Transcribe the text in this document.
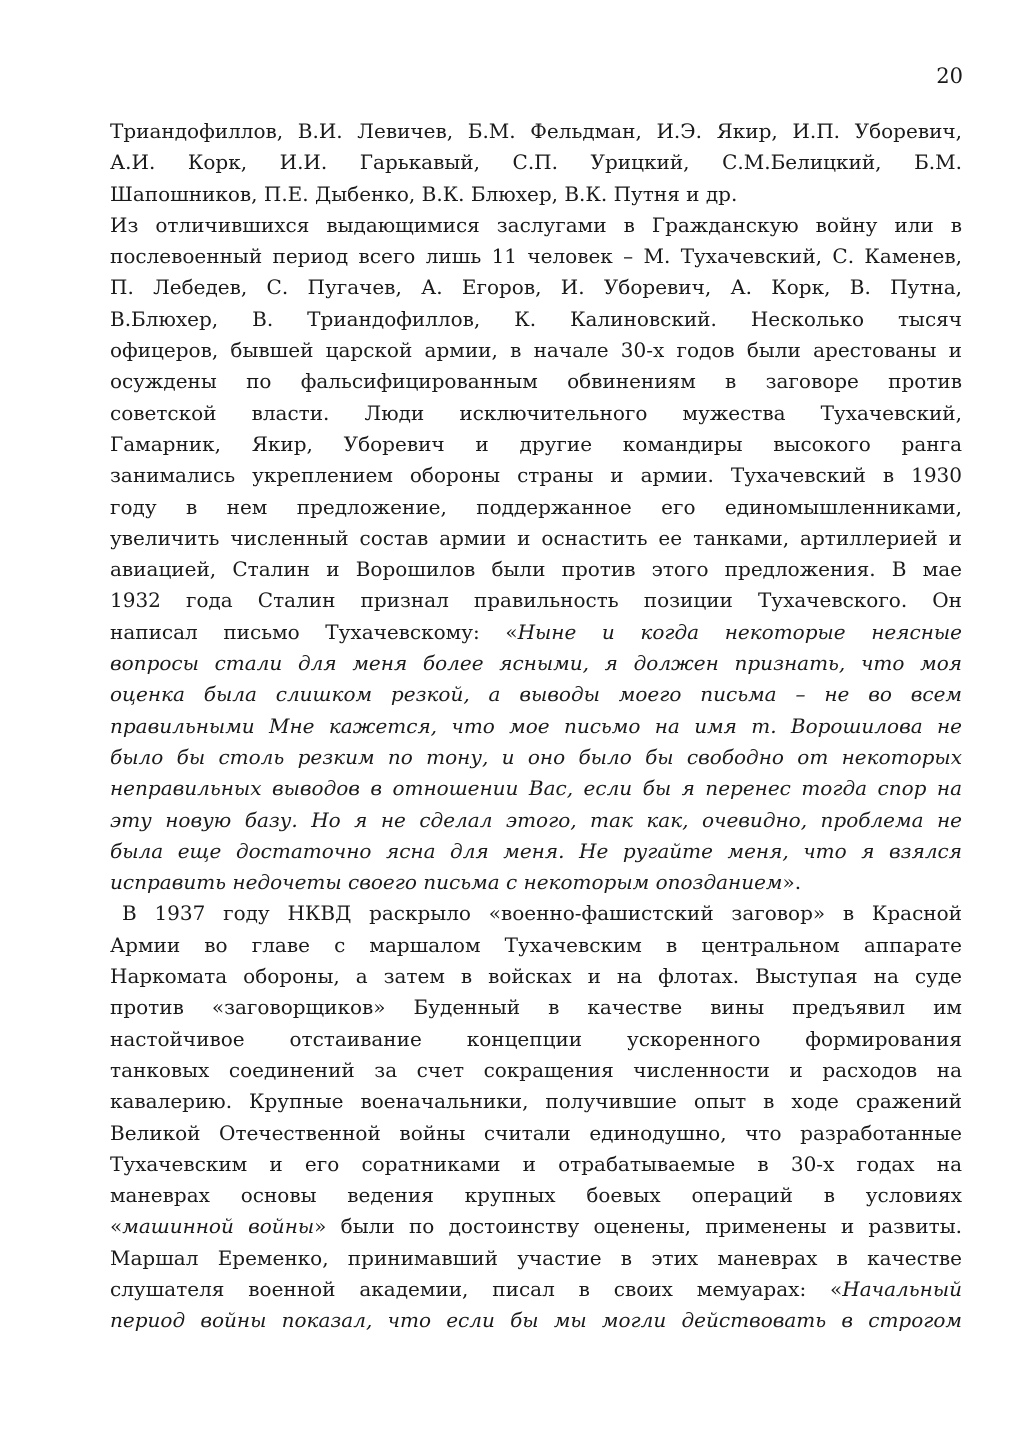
20
Триандофиллов, В.И. Левичев, Б.М. Фельдман, И.Э. Якир, И.П. Уборевич,
А.И. Корк, И.И. Гарькавый, С.П. Урицкий, С.М.Белицкий, Б.М.
Шапошников, П.Е. Дыбенко, В.К. Блюхер, В.К. Путня и др.
Из отличившихся выдающимися заслугами в Гражданскую войну или в
послевоенный период всего лишь 11 человек – М. Тухачевский, С. Каменев,
П. Лебедев, С. Пугачев, А. Егоров, И. Уборевич, А. Корк, В. Путна,
В.Блюхер, В. Триандофиллов, К. Калиновский. Несколько тысяч
офицеров, бывшей царской армии, в начале 30-х годов были арестованы и
осуждены по фальсифицированным обвинениям в заговоре против
советской власти. Люди исключительного мужества Тухачевский,
Гамарник, Якир, Уборевич и другие командиры высокого ранга
занимались укреплением обороны страны и армии. Тухачевский в 1930
году в нем предложение, поддержанное его единомышленниками,
увеличить численный состав армии и оснастить ее танками, артиллерией и
авиацией, Сталин и Ворошилов были против этого предложения. В мае
1932 года Сталин признал правильность позиции Тухачевского. Он
написал письмо Тухачевскому: «Ныне и когда некоторые неясные
вопросы стали для меня более ясными, я должен признать, что моя
оценка была слишком резкой, а выводы моего письма – не во всем
правильными Мне кажется, что мое письмо на имя т. Ворошилова не
было бы столь резким по тону, и оно было бы свободно от некоторых
неправильных выводов в отношении Вас, если бы я перенес тогда спор на
эту новую базу. Но я не сделал этого, так как, очевидно, проблема не
была еще достаточно ясна для меня. Не ругайте меня, что я взялся
исправить недочеты своего письма с некоторым опозданием».
В 1937 году НКВД раскрыло «военно-фашистский заговор» в Красной
Армии во главе с маршалом Тухачевским в центральном аппарате
Наркомата обороны, а затем в войсках и на флотах. Выступая на суде
против «заговорщиков» Буденный в качестве вины предъявил им
настойчивое отстаивание концепции ускоренного формирования
танковых соединений за счет сокращения численности и расходов на
кавалерию. Крупные военачальники, получившие опыт в ходе сражений
Великой Отечественной войны считали единодушно, что разработанные
Тухачевским и его соратниками и отрабатываемые в 30-х годах на
маневрах основы ведения крупных боевых операций в условиях
«машинной войны» были по достоинству оценены, применены и развиты.
Маршал Еременко, принимавший участие в этих маневрах в качестве
слушателя военной академии, писал в своих мемуарах: «Начальный
период войны показал, что если бы мы могли действовать в строгом
